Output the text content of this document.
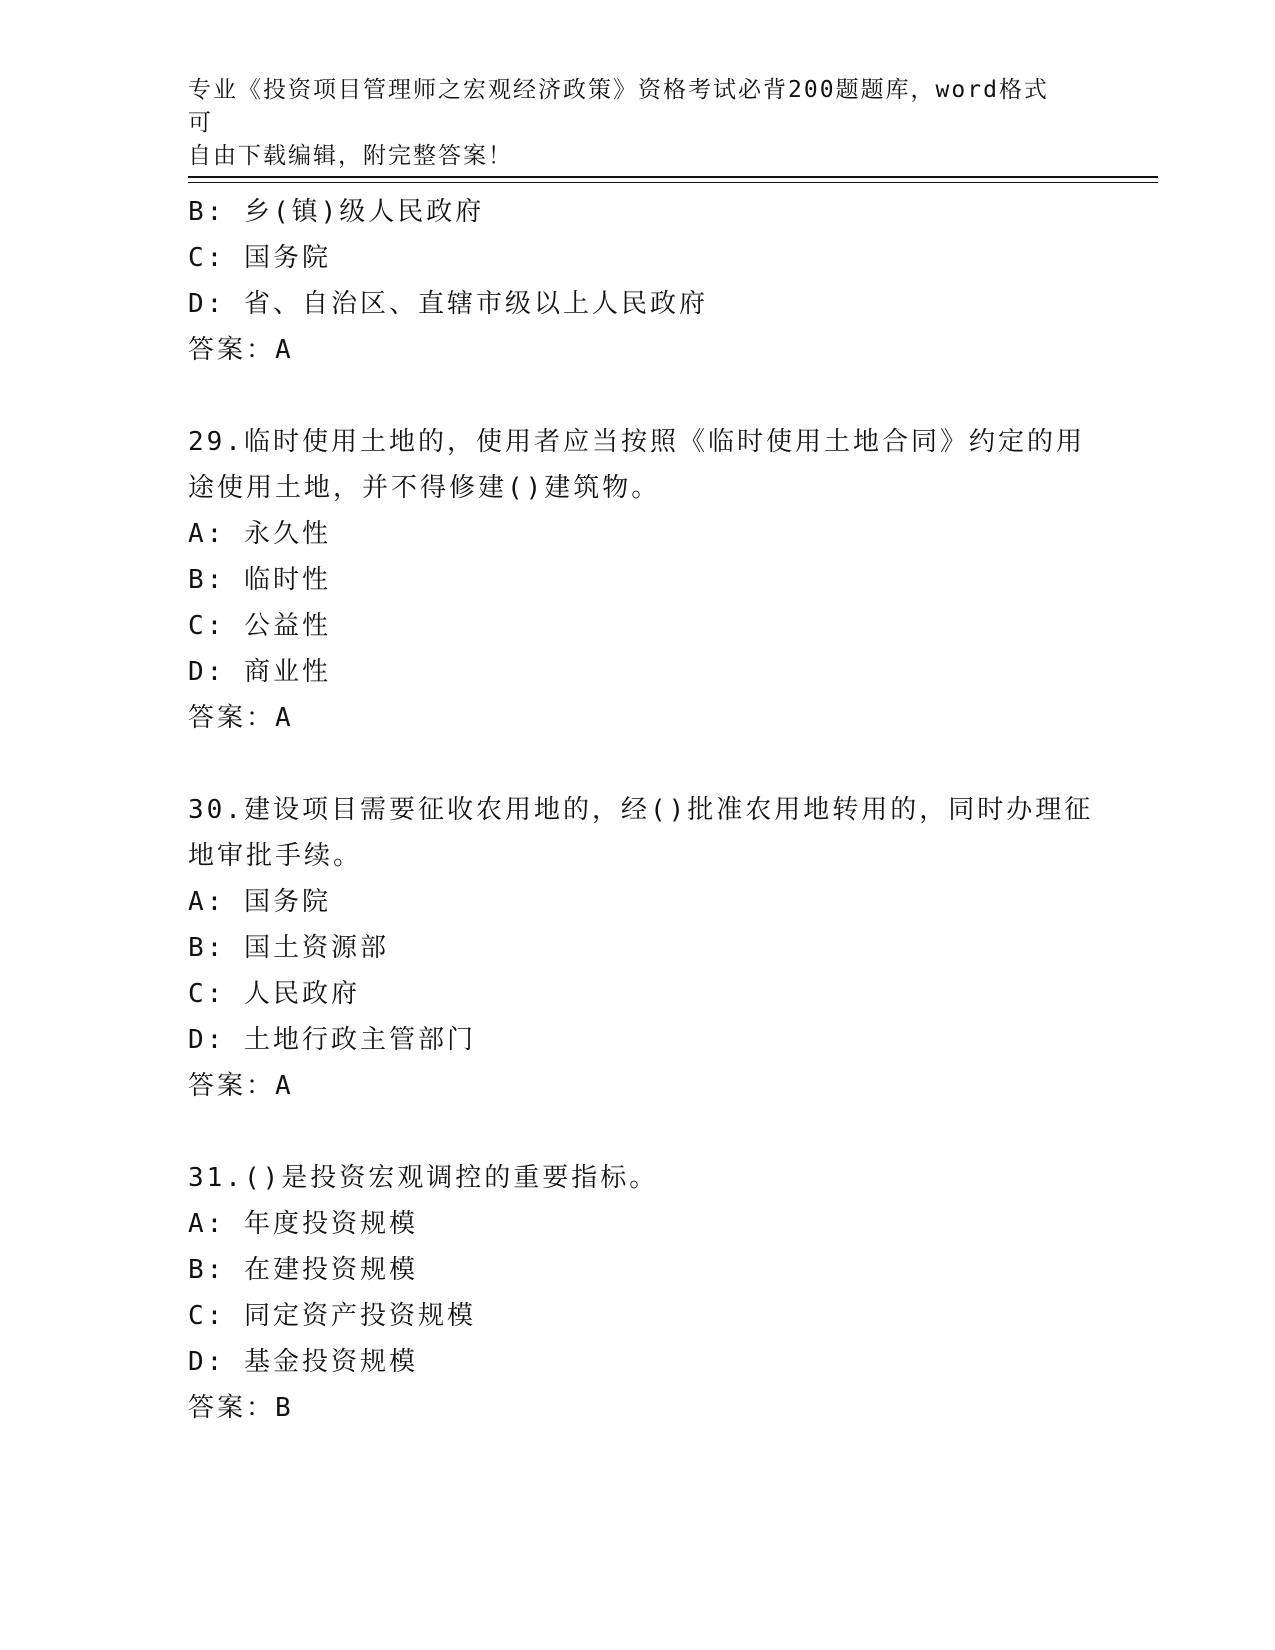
专业《投资项目管理师之宏观经济政策》资格考试必背200题题库，word格式可
自由下载编辑，附完整答案！
B: 乡(镇)级人民政府
C: 国务院
D: 省、自治区、直辖市级以上人民政府
答案：A
29.临时使用土地的，使用者应当按照《临时使用土地合同》约定的用
途使用土地，并不得修建()建筑物。
A: 永久性
B: 临时性
C: 公益性
D: 商业性
答案：A
30.建设项目需要征收农用地的，经()批准农用地转用的，同时办理征
地审批手续。
A: 国务院
B: 国土资源部
C: 人民政府
D: 土地行政主管部门
答案：A
31.()是投资宏观调控的重要指标。
A: 年度投资规模
B: 在建投资规模
C: 同定资产投资规模
D: 基金投资规模
答案：B
